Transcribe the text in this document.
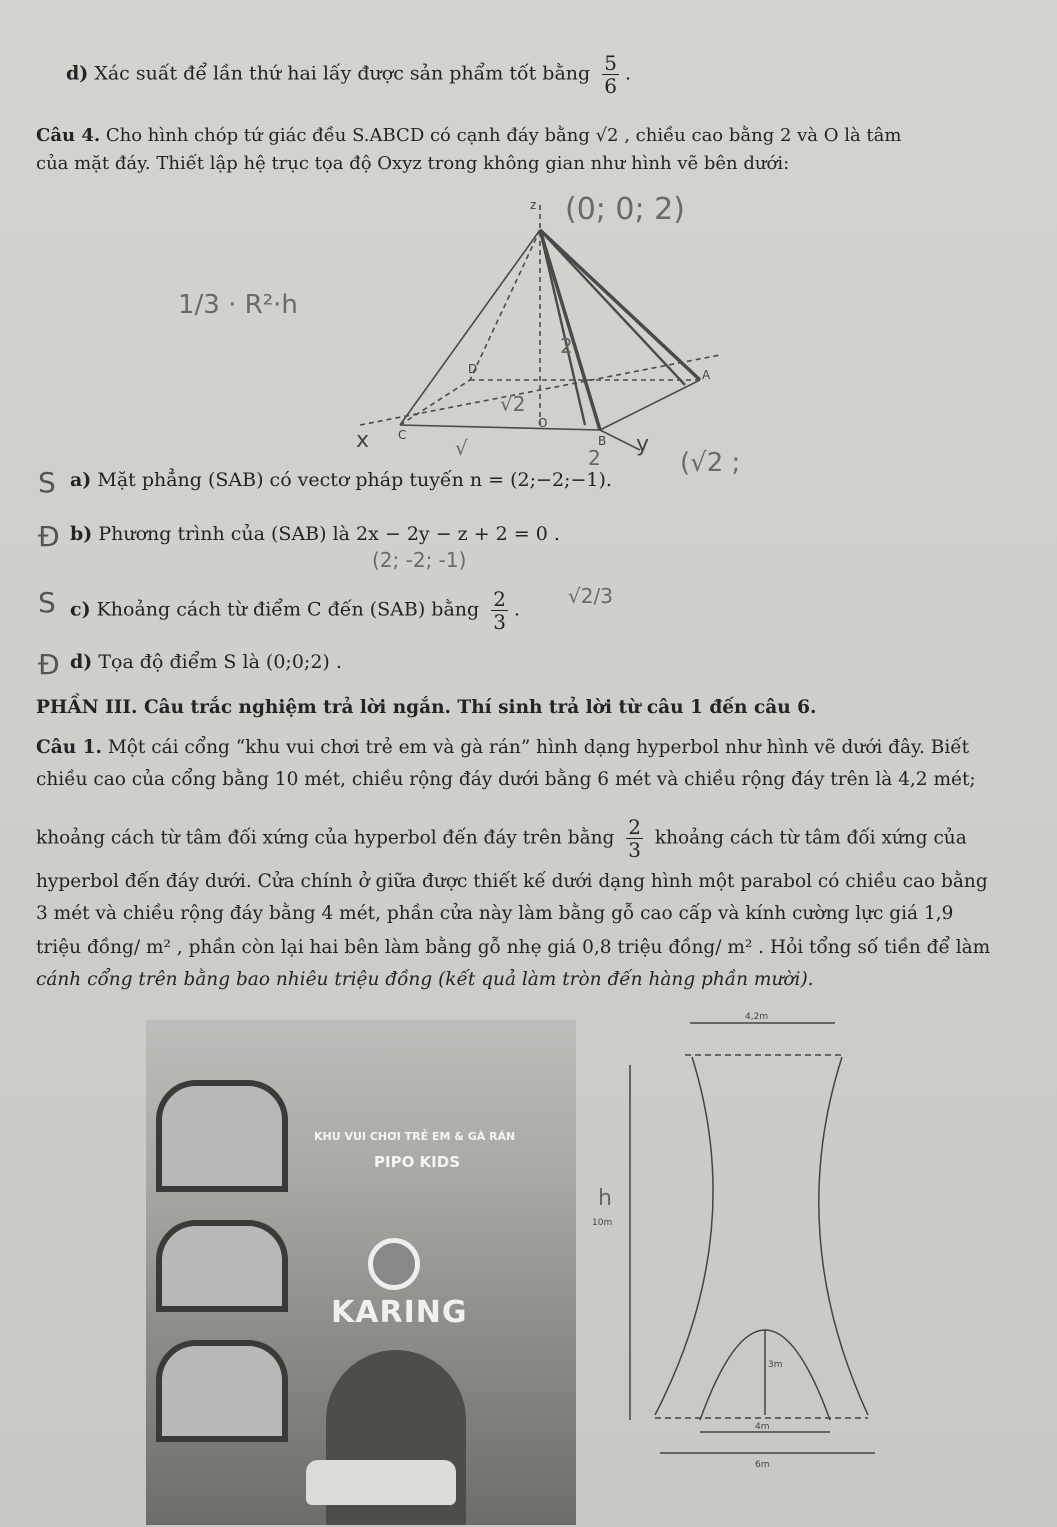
d) Xác suất để lần thứ hai lấy được sản phẩm tốt bằng $\frac{5}{6}$ .
Câu 4. Cho hình chóp tứ giác đều S.ABCD có cạnh đáy bằng √2 , chiều cao bằng 2 và O là tâm
của mặt đáy. Thiết lập hệ trục tọa độ Oxyz trong không gian như hình vẽ bên dưới:
z
D	A
C	B
O
x	y
2
√2
√	2
(0; 0; 2)
1/3 · R²·h
(√2 ;
S a) Mặt phẳng (SAB) có vectơ pháp tuyến n = (2;−2;−1).
Đ b) Phương trình của (SAB) là 2x − 2y − z + 2 = 0 .
(2; -2; -1)
S c) Khoảng cách từ điểm C đến (SAB) bằng $\frac{2}{3}$ .
√2/3
Đ d) Tọa độ điểm S là (0;0;2) .
PHẦN III. Câu trắc nghiệm trả lời ngắn. Thí sinh trả lời từ câu 1 đến câu 6.
Câu 1. Một cái cổng “khu vui chơi trẻ em và gà rán” hình dạng hyperbol như hình vẽ dưới đây. Biết
chiều cao của cổng bằng 10 mét, chiều rộng đáy dưới bằng 6 mét và chiều rộng đáy trên là 4,2 mét;
khoảng cách từ tâm đối xứng của hyperbol đến đáy trên bằng $\frac{2}{3}$ khoảng cách từ tâm đối xứng của
hyperbol đến đáy dưới. Cửa chính ở giữa được thiết kế dưới dạng hình một parabol có chiều cao bằng
3 mét và chiều rộng đáy bằng 4 mét, phần cửa này làm bằng gỗ cao cấp và kính cường lực giá 1,9
triệu đồng/ m² , phần còn lại hai bên làm bằng gỗ nhẹ giá 0,8 triệu đồng/ m² . Hỏi tổng số tiền để làm
cánh cổng trên bằng bao nhiêu triệu đồng (kết quả làm tròn đến hàng phần mười).
KHU VUI CHƠI TRẺ EM & GÀ RÁN
PIPO KIDS
KARING
4,2m
10m
3m
4m
6m
h
